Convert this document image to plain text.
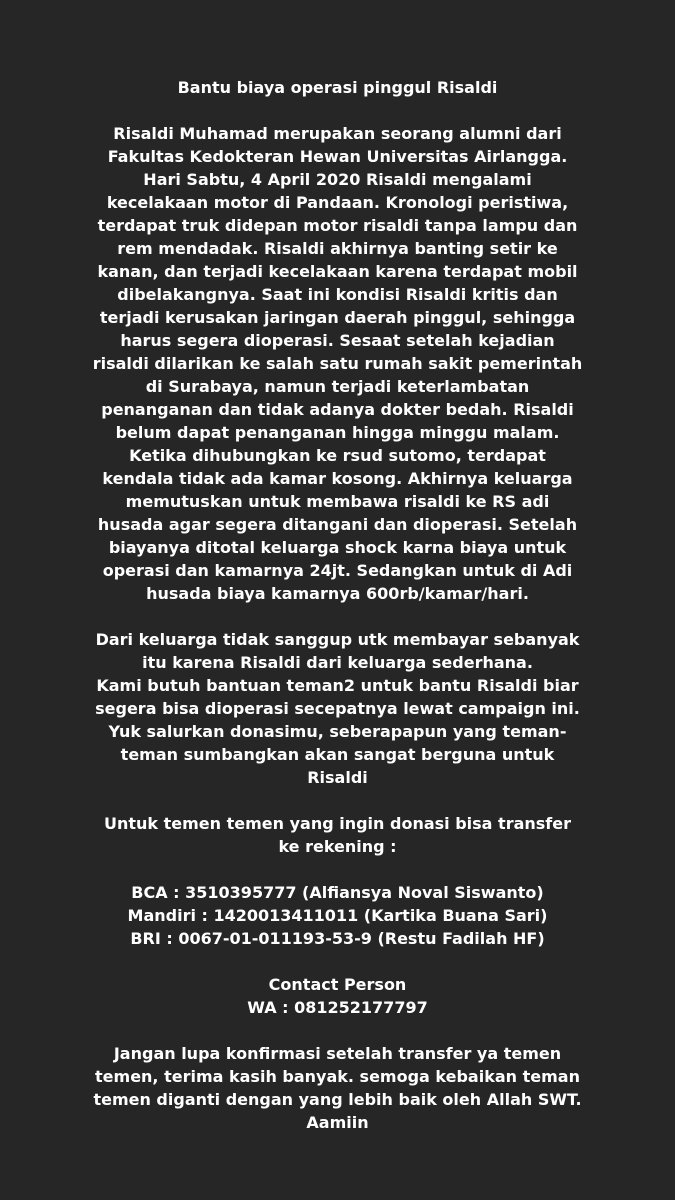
Bantu biaya operasi pinggul Risaldi
Risaldi Muhamad merupakan seorang alumni dari
Fakultas Kedokteran Hewan Universitas Airlangga.
Hari Sabtu, 4 April 2020 Risaldi mengalami
kecelakaan motor di Pandaan. Kronologi peristiwa,
terdapat truk didepan motor risaldi tanpa lampu dan
rem mendadak. Risaldi akhirnya banting setir ke
kanan, dan terjadi kecelakaan karena terdapat mobil
dibelakangnya. Saat ini kondisi Risaldi kritis dan
terjadi kerusakan jaringan daerah pinggul, sehingga
harus segera dioperasi. Sesaat setelah kejadian
risaldi dilarikan ke salah satu rumah sakit pemerintah
di Surabaya, namun terjadi keterlambatan
penanganan dan tidak adanya dokter bedah. Risaldi
belum dapat penanganan hingga minggu malam.
Ketika dihubungkan ke rsud sutomo, terdapat
kendala tidak ada kamar kosong. Akhirnya keluarga
memutuskan untuk membawa risaldi ke RS adi
husada agar segera ditangani dan dioperasi. Setelah
biayanya ditotal keluarga shock karna biaya untuk
operasi dan kamarnya 24jt. Sedangkan untuk di Adi
husada biaya kamarnya 600rb/kamar/hari.
Dari keluarga tidak sanggup utk membayar sebanyak
itu karena Risaldi dari keluarga sederhana.
Kami butuh bantuan teman2 untuk bantu Risaldi biar
segera bisa dioperasi secepatnya lewat campaign ini.
Yuk salurkan donasimu, seberapapun yang teman-
teman sumbangkan akan sangat berguna untuk
Risaldi
Untuk temen temen yang ingin donasi bisa transfer
ke rekening :
BCA : 3510395777 (Alfiansya Noval Siswanto)
Mandiri : 1420013411011 (Kartika Buana Sari)
BRI : 0067-01-011193-53-9 (Restu Fadilah HF)
Contact Person
WA : 081252177797
Jangan lupa konfirmasi setelah transfer ya temen
temen, terima kasih banyak. semoga kebaikan teman
temen diganti dengan yang lebih baik oleh Allah SWT.
Aamiin
